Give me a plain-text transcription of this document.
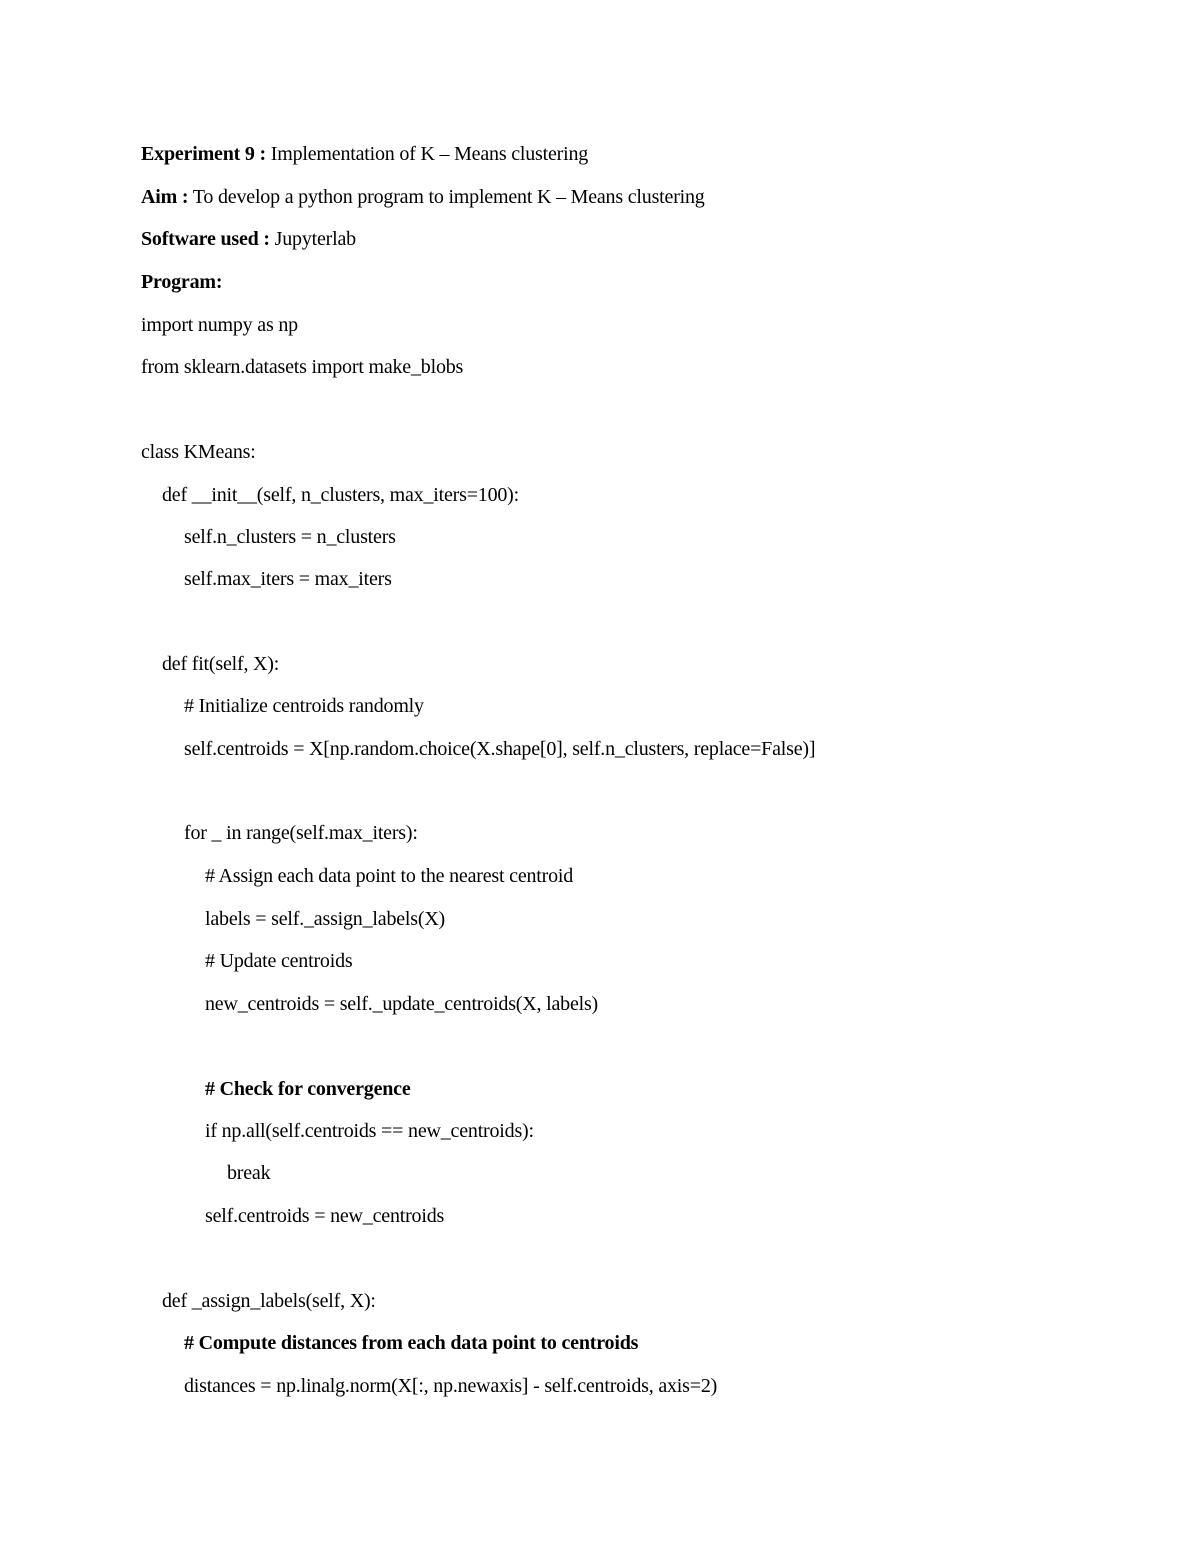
Experiment 9 : Implementation of K – Means clustering
Aim : To develop a python program to implement K – Means clustering
Software used : Jupyterlab
Program:
import numpy as np
from sklearn.datasets import make_blobs
class KMeans:
def __init__(self, n_clusters, max_iters=100):
self.n_clusters = n_clusters
self.max_iters = max_iters
def fit(self, X):
# Initialize centroids randomly
self.centroids = X[np.random.choice(X.shape[0], self.n_clusters, replace=False)]
for _ in range(self.max_iters):
# Assign each data point to the nearest centroid
labels = self._assign_labels(X)
# Update centroids
new_centroids = self._update_centroids(X, labels)
# Check for convergence
if np.all(self.centroids == new_centroids):
break
self.centroids = new_centroids
def _assign_labels(self, X):
# Compute distances from each data point to centroids
distances = np.linalg.norm(X[:, np.newaxis] - self.centroids, axis=2)
